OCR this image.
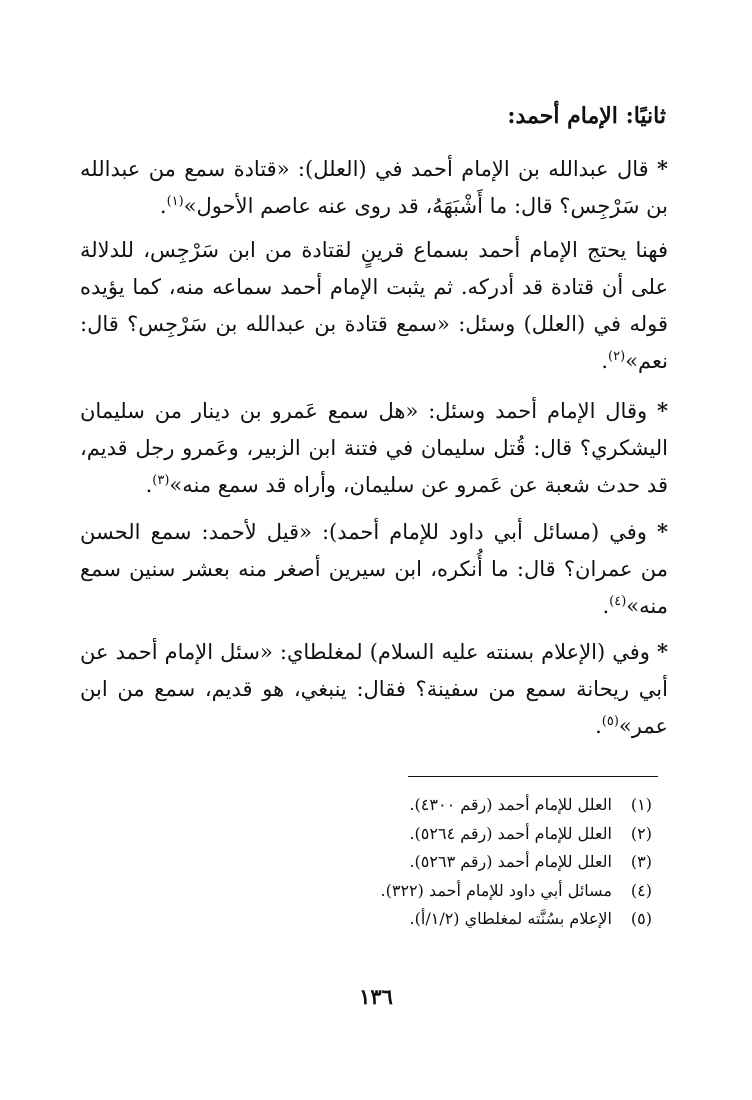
ثانيًا: الإمام أحمد:

* قال عبدالله بن الإمام أحمد في (العلل): «قتادة سمع من عبدالله بن سَرْجِس؟ قال: ما أَشْبَهَهُ، قد روى عنه عاصم الأحول»$^{(١)}$.

فهنا يحتج الإمام أحمد بسماع قرينٍ لقتادة من ابن سَرْجِس، للدلالة على أن قتادة قد أدركه. ثم يثبت الإمام أحمد سماعه منه، كما يؤيده قوله في (العلل) وسئل: «سمع قتادة بن عبدالله بن سَرْجِس؟ قال: نعم»$^{(٢)}$.

* وقال الإمام أحمد وسئل: «هل سمع عَمرو بن دينار من سليمان اليشكري؟ قال: قُتل سليمان في فتنة ابن الزبير، وعَمرو رجل قديم، قد حدث شعبة عن عَمرو عن سليمان، وأراه قد سمع منه»$^{(٣)}$.

* وفي (مسائل أبي داود للإمام أحمد): «قيل لأحمد: سمع الحسن من عمران؟ قال: ما أُنكره، ابن سيرين أصغر منه بعشر سنين سمع منه»$^{(٤)}$.

* وفي (الإعلام بسنته عليه السلام) لمغلطاي: «سئل الإمام أحمد عن أبي ريحانة سمع من سفينة؟ فقال: ينبغي، هو قديم، سمع من ابن عمر»$^{(٥)}$.

(١)
العلل للإمام أحمد (رقم ٤٣٠٠).
(٢)
العلل للإمام أحمد (رقم ٥٢٦٤).
(٣)
العلل للإمام أحمد (رقم ٥٢٦٣).
(٤)
مسائل أبي داود للإمام أحمد (٣٢٢).
(٥)
الإعلام بسُنَّته لمغلطاي (١/٢/أ).
١٣٦
